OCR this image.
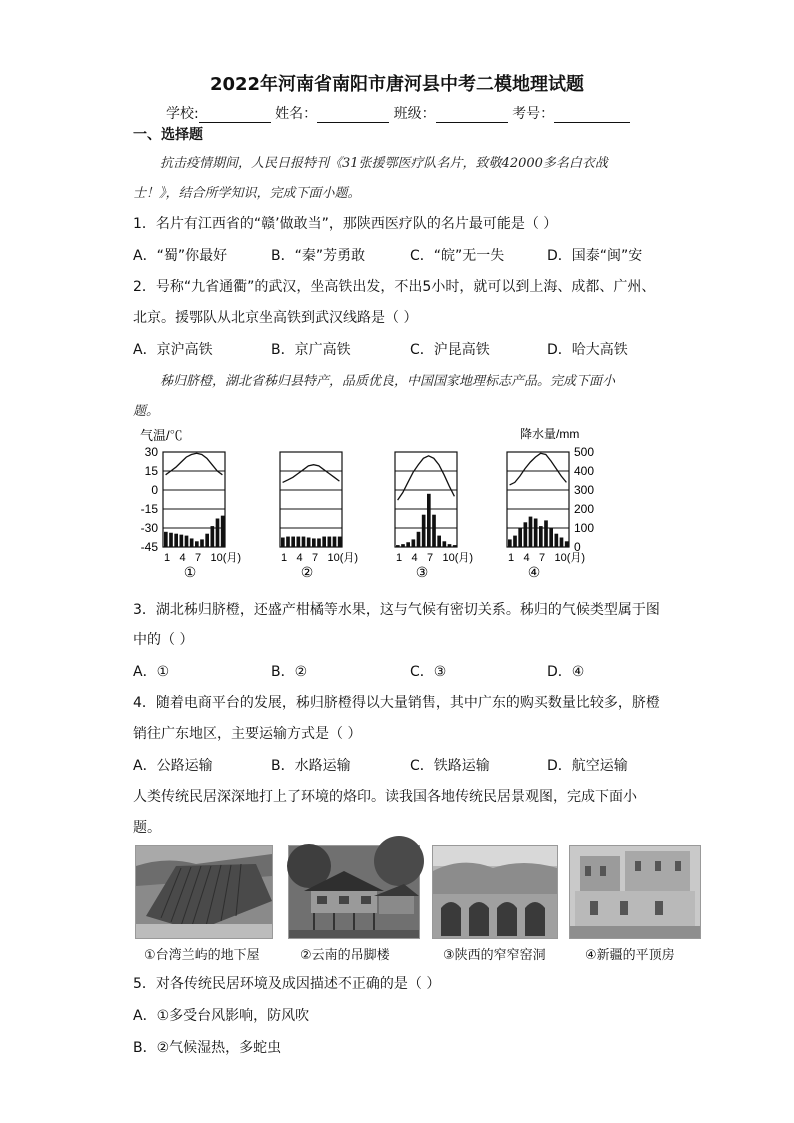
2022年河南省南阳市唐河县中考二模地理试题
学校:	姓名：	班级：	考号：
一、选择题
抗击疫情期间，人民日报特刊《31张援鄂医疗队名片，致敬42000多名白衣战
士！》，结合所学知识，完成下面小题。
1．名片有江西省的“赣’做敢当”，那陕西医疗队的名片最可能是（ ）
A．“蜀”你最好	B．“秦”芳勇敢	C．“皖”无一失	D．国泰“闽”安
2．号称“九省通衢”的武汉，坐高铁出发，不出5小时，就可以到上海、成都、广州、
北京。援鄂队从北京坐高铁到武汉线路是（ ）
A．京沪高铁	B．京广高铁	C．沪昆高铁	D．哈大高铁
秭归脐橙，湖北省秭归县特产，品质优良，中国国家地理标志产品。完成下面小
题。
气温/℃	降水量/mm
30
15
0
-15
-30
-45
500
400
300
200
100
0
1 4 7 10(月)
①
1 4 7 10(月)
②
1 4 7 10(月)
③
1 4 7 10(月)
④
3．湖北秭归脐橙，还盛产柑橘等水果，这与气候有密切关系。秭归的气候类型属于图
中的（ ）
A．①	B．②	C．③	D．④
4．随着电商平台的发展，秭归脐橙得以大量销售，其中广东的购买数量比较多，脐橙
销往广东地区，主要运输方式是（ ）
A．公路运输	B．水路运输	C．铁路运输	D．航空运输
人类传统民居深深地打上了环境的烙印。读我国各地传统民居景观图，完成下面小
题。
①台湾兰屿的地下屋	②云南的吊脚楼	③陕西的窄窄窑洞	④新疆的平顶房
5．对各传统民居环境及成因描述不正确的是（ ）
A．①多受台风影响，防风吹
B．②气候湿热，多蛇虫
